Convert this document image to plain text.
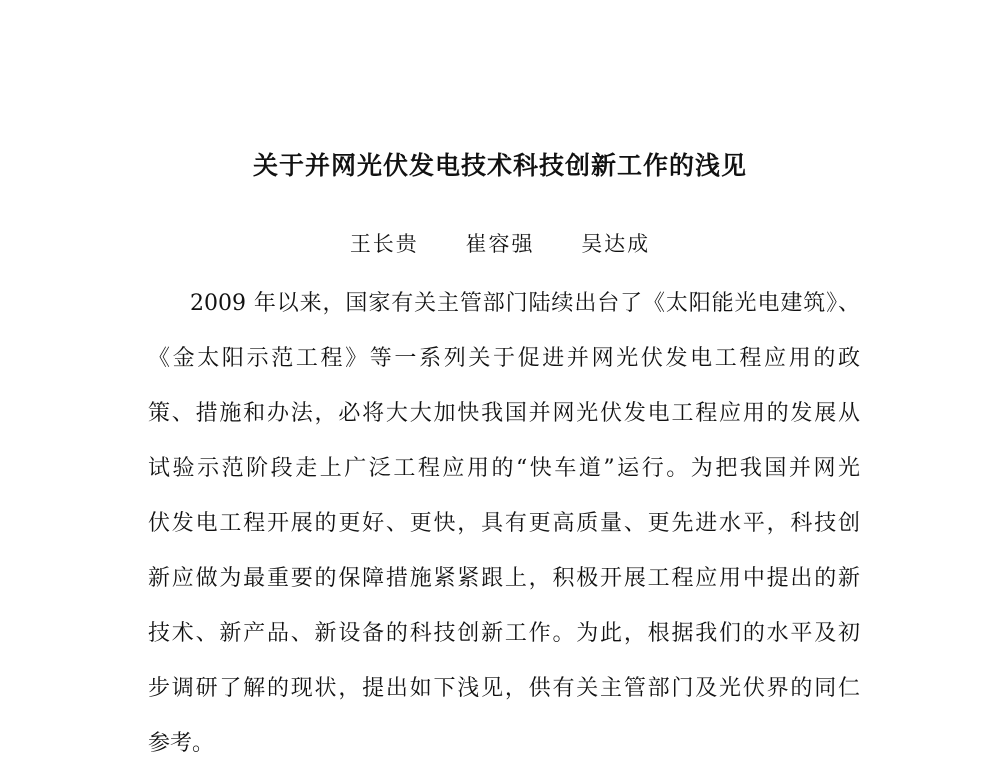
关于并网光伏发电技术科技创新工作的浅见
王长贵 崔容强 吴达成
2009 年以来，国家有关主管部门陆续出台了《太阳能光电建筑》、
《金太阳示范工程》等一系列关于促进并网光伏发电工程应用的政
策、措施和办法，必将大大加快我国并网光伏发电工程应用的发展从
试验示范阶段走上广泛工程应用的“快车道”运行。为把我国并网光
伏发电工程开展的更好、更快，具有更高质量、更先进水平，科技创
新应做为最重要的保障措施紧紧跟上，积极开展工程应用中提出的新
技术、新产品、新设备的科技创新工作。为此，根据我们的水平及初
步调研了解的现状，提出如下浅见，供有关主管部门及光伏界的同仁
参考。
